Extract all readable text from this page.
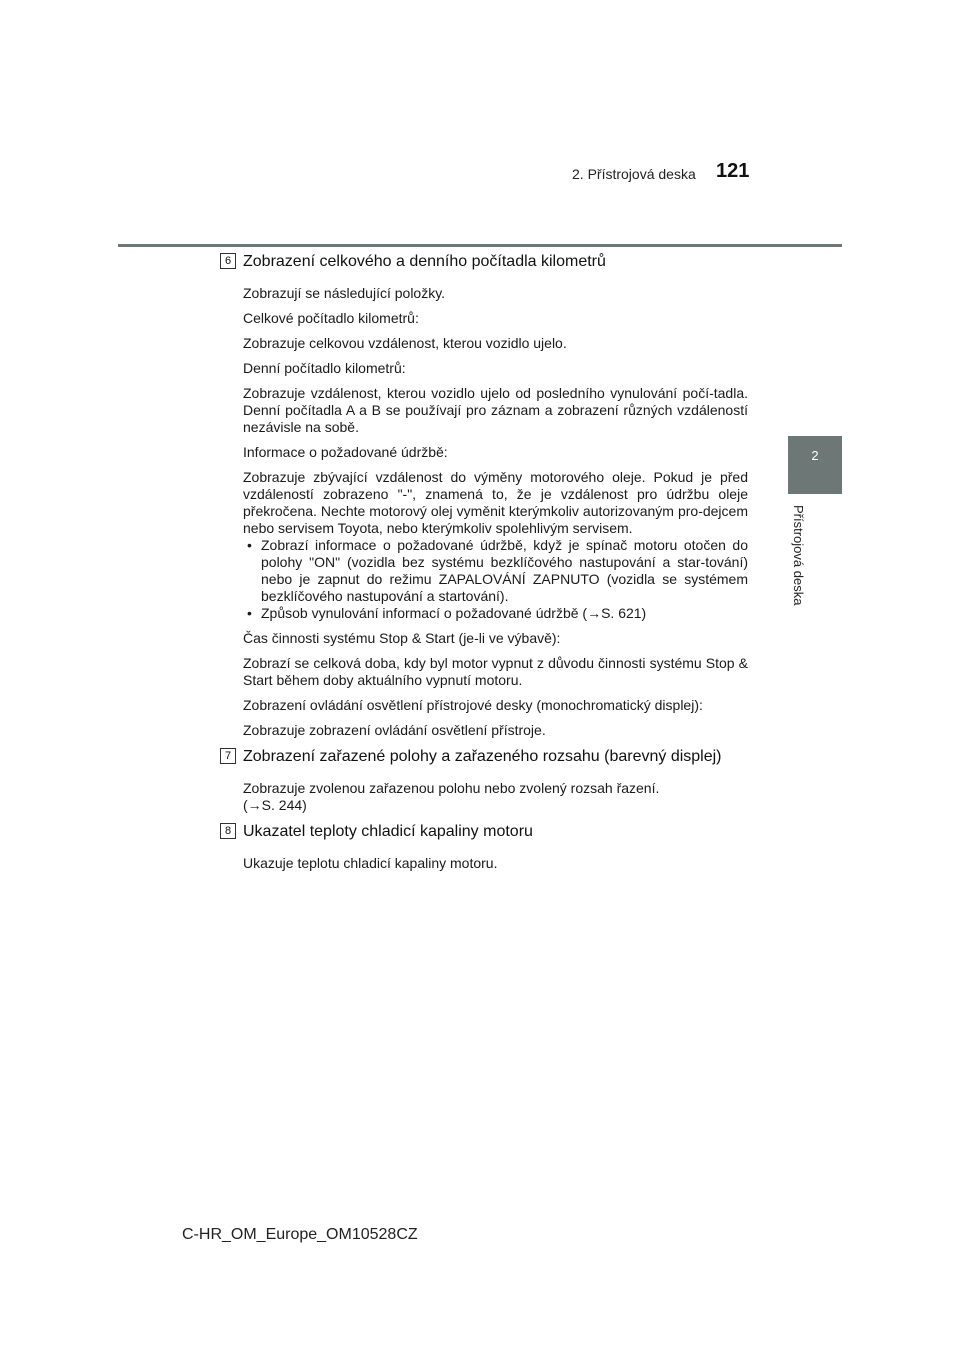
2. Přístrojová deska 121
2
Přístrojová deska
6 Zobrazení celkového a denního počítadla kilometrů

Zobrazují se následující položky.

Celkové počítadlo kilometrů:

Zobrazuje celkovou vzdálenost, kterou vozidlo ujelo.

Denní počítadlo kilometrů:

Zobrazuje vzdálenost, kterou vozidlo ujelo od posledního vynulování počí-tadla. Denní počítadla A a B se používají pro záznam a zobrazení různých vzdáleností nezávisle na sobě.

Informace o požadované údržbě:

Zobrazuje zbývající vzdálenost do výměny motorového oleje. Pokud je před vzdáleností zobrazeno "-", znamená to, že je vzdálenost pro údržbu oleje překročena. Nechte motorový olej vyměnit kterýmkoliv autorizovaným pro-dejcem nebo servisem Toyota, nebo kterýmkoliv spolehlivým servisem.

• Zobrazí informace o požadované údržbě, když je spínač motoru otočen do polohy "ON" (vozidla bez systému bezklíčového nastupování a star-tování) nebo je zapnut do režimu ZAPALOVÁNÍ ZAPNUTO (vozidla se systémem bezklíčového nastupování a startování).
• Způsob vynulování informací o požadované údržbě (→S. 621)

Čas činnosti systému Stop & Start (je-li ve výbavě):

Zobrazí se celková doba, kdy byl motor vypnut z důvodu činnosti systému Stop & Start během doby aktuálního vypnutí motoru.

Zobrazení ovládání osvětlení přístrojové desky (monochromatický displej):

Zobrazuje zobrazení ovládání osvětlení přístroje.

7 Zobrazení zařazené polohy a zařazeného rozsahu (barevný displej)

Zobrazuje zvolenou zařazenou polohu nebo zvolený rozsah řazení.

(→S. 244)

8 Ukazatel teploty chladicí kapaliny motoru

Ukazuje teplotu chladicí kapaliny motoru.

C-HR_OM_Europe_OM10528CZ
